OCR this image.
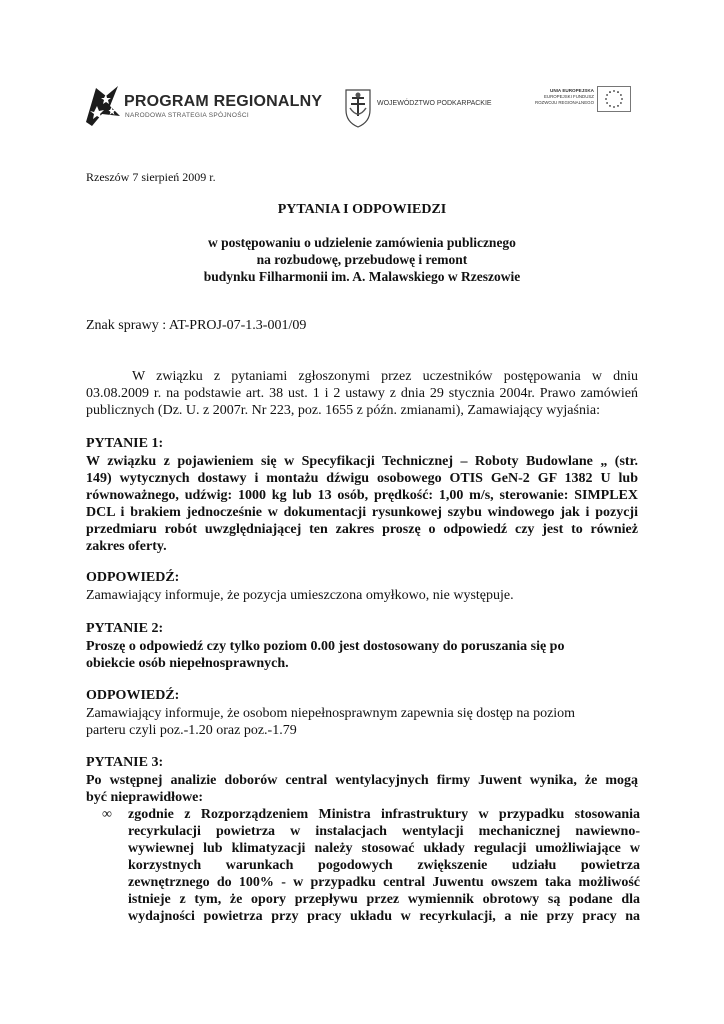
PROGRAM REGIONALNY
NARODOWA STRATEGIA SPÓJNOŚCI
WOJEWÓDZTWO PODKARPACKIE
UNIA EUROPEJSKA
EUROPEJSKI FUNDUSZ
ROZWOJU REGIONALNEGO
Rzeszów 7 sierpień 2009 r.
PYTANIA I ODPOWIEDZI
w postępowaniu o udzielenie zamówienia publicznego
na rozbudowę, przebudowę i remont
budynku Filharmonii im. A. Malawskiego w Rzeszowie
Znak sprawy : AT-PROJ-07-1.3-001/09
W związku z pytaniami zgłoszonymi przez uczestników postępowania w dniu
03.08.2009 r. na podstawie art. 38 ust. 1 i 2 ustawy z dnia 29 stycznia 2004r. Prawo zamówień
publicznych (Dz. U. z 2007r. Nr 223, poz. 1655 z późn. zmianami), Zamawiający wyjaśnia:
PYTANIE 1:
W związku z pojawieniem się w Specyfikacji Technicznej – Roboty Budowlane „ (str.
149) wytycznych dostawy i montażu dźwigu osobowego OTIS GeN-2 GF 1382 U lub
równoważnego, udźwig: 1000 kg lub 13 osób, prędkość: 1,00 m/s, sterowanie: SIMPLEX
DCL i brakiem jednocześnie w dokumentacji rysunkowej szybu windowego jak i pozycji
przedmiaru robót uwzględniającej ten zakres proszę o odpowiedź czy jest to również
zakres oferty.
ODPOWIEDŹ:
Zamawiający informuje, że pozycja umieszczona omyłkowo, nie występuje.
PYTANIE 2:
Proszę o odpowiedź czy tylko poziom 0.00 jest dostosowany do poruszania się po
obiekcie osób niepełnosprawnych.
ODPOWIEDŹ:
Zamawiający informuje, że osobom niepełnosprawnym zapewnia się dostęp na poziom
parteru czyli poz.-1.20 oraz poz.-1.79
PYTANIE 3:
Po wstępnej analizie doborów central wentylacyjnych firmy Juwent wynika, że mogą
być nieprawidłowe:
∞ zgodnie z Rozporządzeniem Ministra infrastruktury w przypadku stosowania
recyrkulacji powietrza w instalacjach wentylacji mechanicznej nawiewno-
wywiewnej lub klimatyzacji należy stosować układy regulacji umożliwiające w
korzystnych warunkach pogodowych zwiększenie udziału powietrza
zewnętrznego do 100% - w przypadku central Juwentu owszem taka możliwość
istnieje z tym, że opory przepływu przez wymiennik obrotowy są podane dla
wydajności powietrza przy pracy układu w recyrkulacji, a nie przy pracy na
